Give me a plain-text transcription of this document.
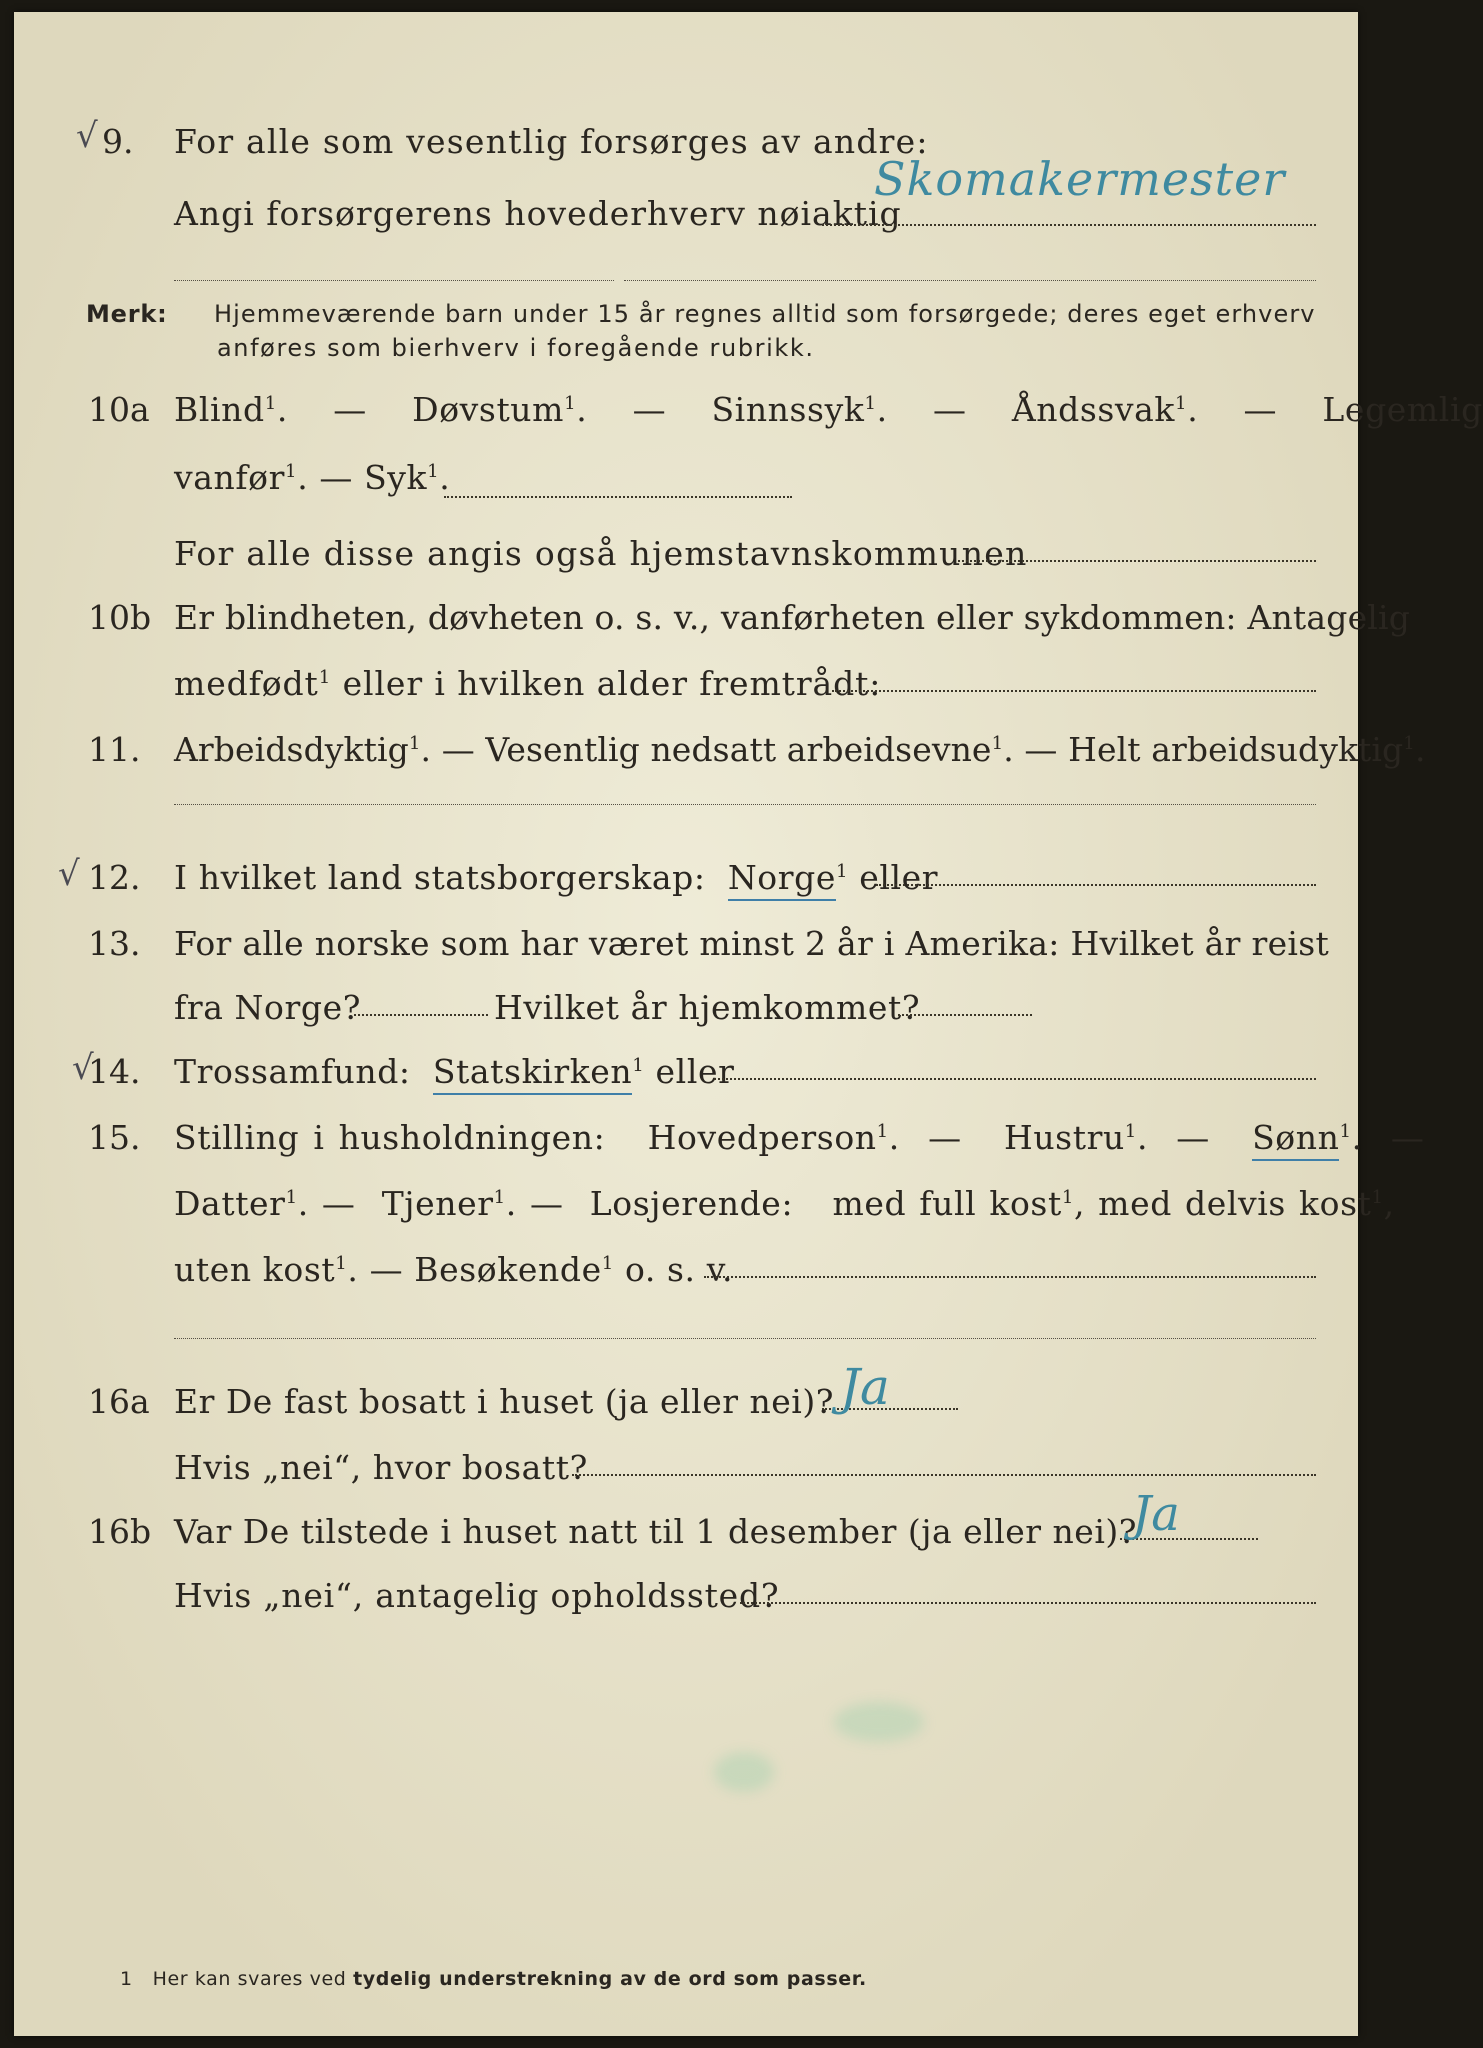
√ 9. For alle som vesentlig forsørges av andre:
Angi forsørgerens hovederhverv nøiaktig
Skomakermester
Merk: Hjemmeværende barn under 15 år regnes alltid som forsørgede; deres eget erhverv
anføres som bierhverv i foregående rubrikk.
10a Blind$^1$.   —   Døvstum$^1$.   —   Sinnssyk$^1$.   —   Åndssvak$^1$.   —   Legemlig
vanfør$^1$. — Syk$^1$.
For alle disse angis også hjemstavnskommunen
10b Er blindheten, døvheten o. s. v., vanførheten eller sykdommen: Antagelig
medfødt$^1$ eller i hvilken alder fremtrådt:
11. Arbeidsdyktig$^1$. — Vesentlig nedsatt arbeidsevne$^1$. — Helt arbeidsudyktig$^1$.
√ 12. I hvilket land statsborgerskap: Norge$^1$ eller
13. For alle norske som har været minst 2 år i Amerika: Hvilket år reist
fra Norge?	Hvilket år hjemkommet?
√
14. Trossamfund: Statskirken$^1$ eller
15. Stilling i husholdningen: Hovedperson$^1$.  —   Hustru$^1$.  —   Sønn$^1$.  —
Datter$^1$. —  Tjener$^1$. —  Losjerende: med full kost$^1$, med delvis kost$^1$,
uten kost$^1$. — Besøkende$^1$ o. s. v.
16a Er De fast bosatt i huset (ja eller nei)? Ja
Hvis „nei“, hvor bosatt?
16b Var De tilstede i huset natt til 1 desember (ja eller nei)?
Ja
Hvis „nei“, antagelig opholdssted?
1 Her kan svares ved tydelig understrekning av de ord som passer.
